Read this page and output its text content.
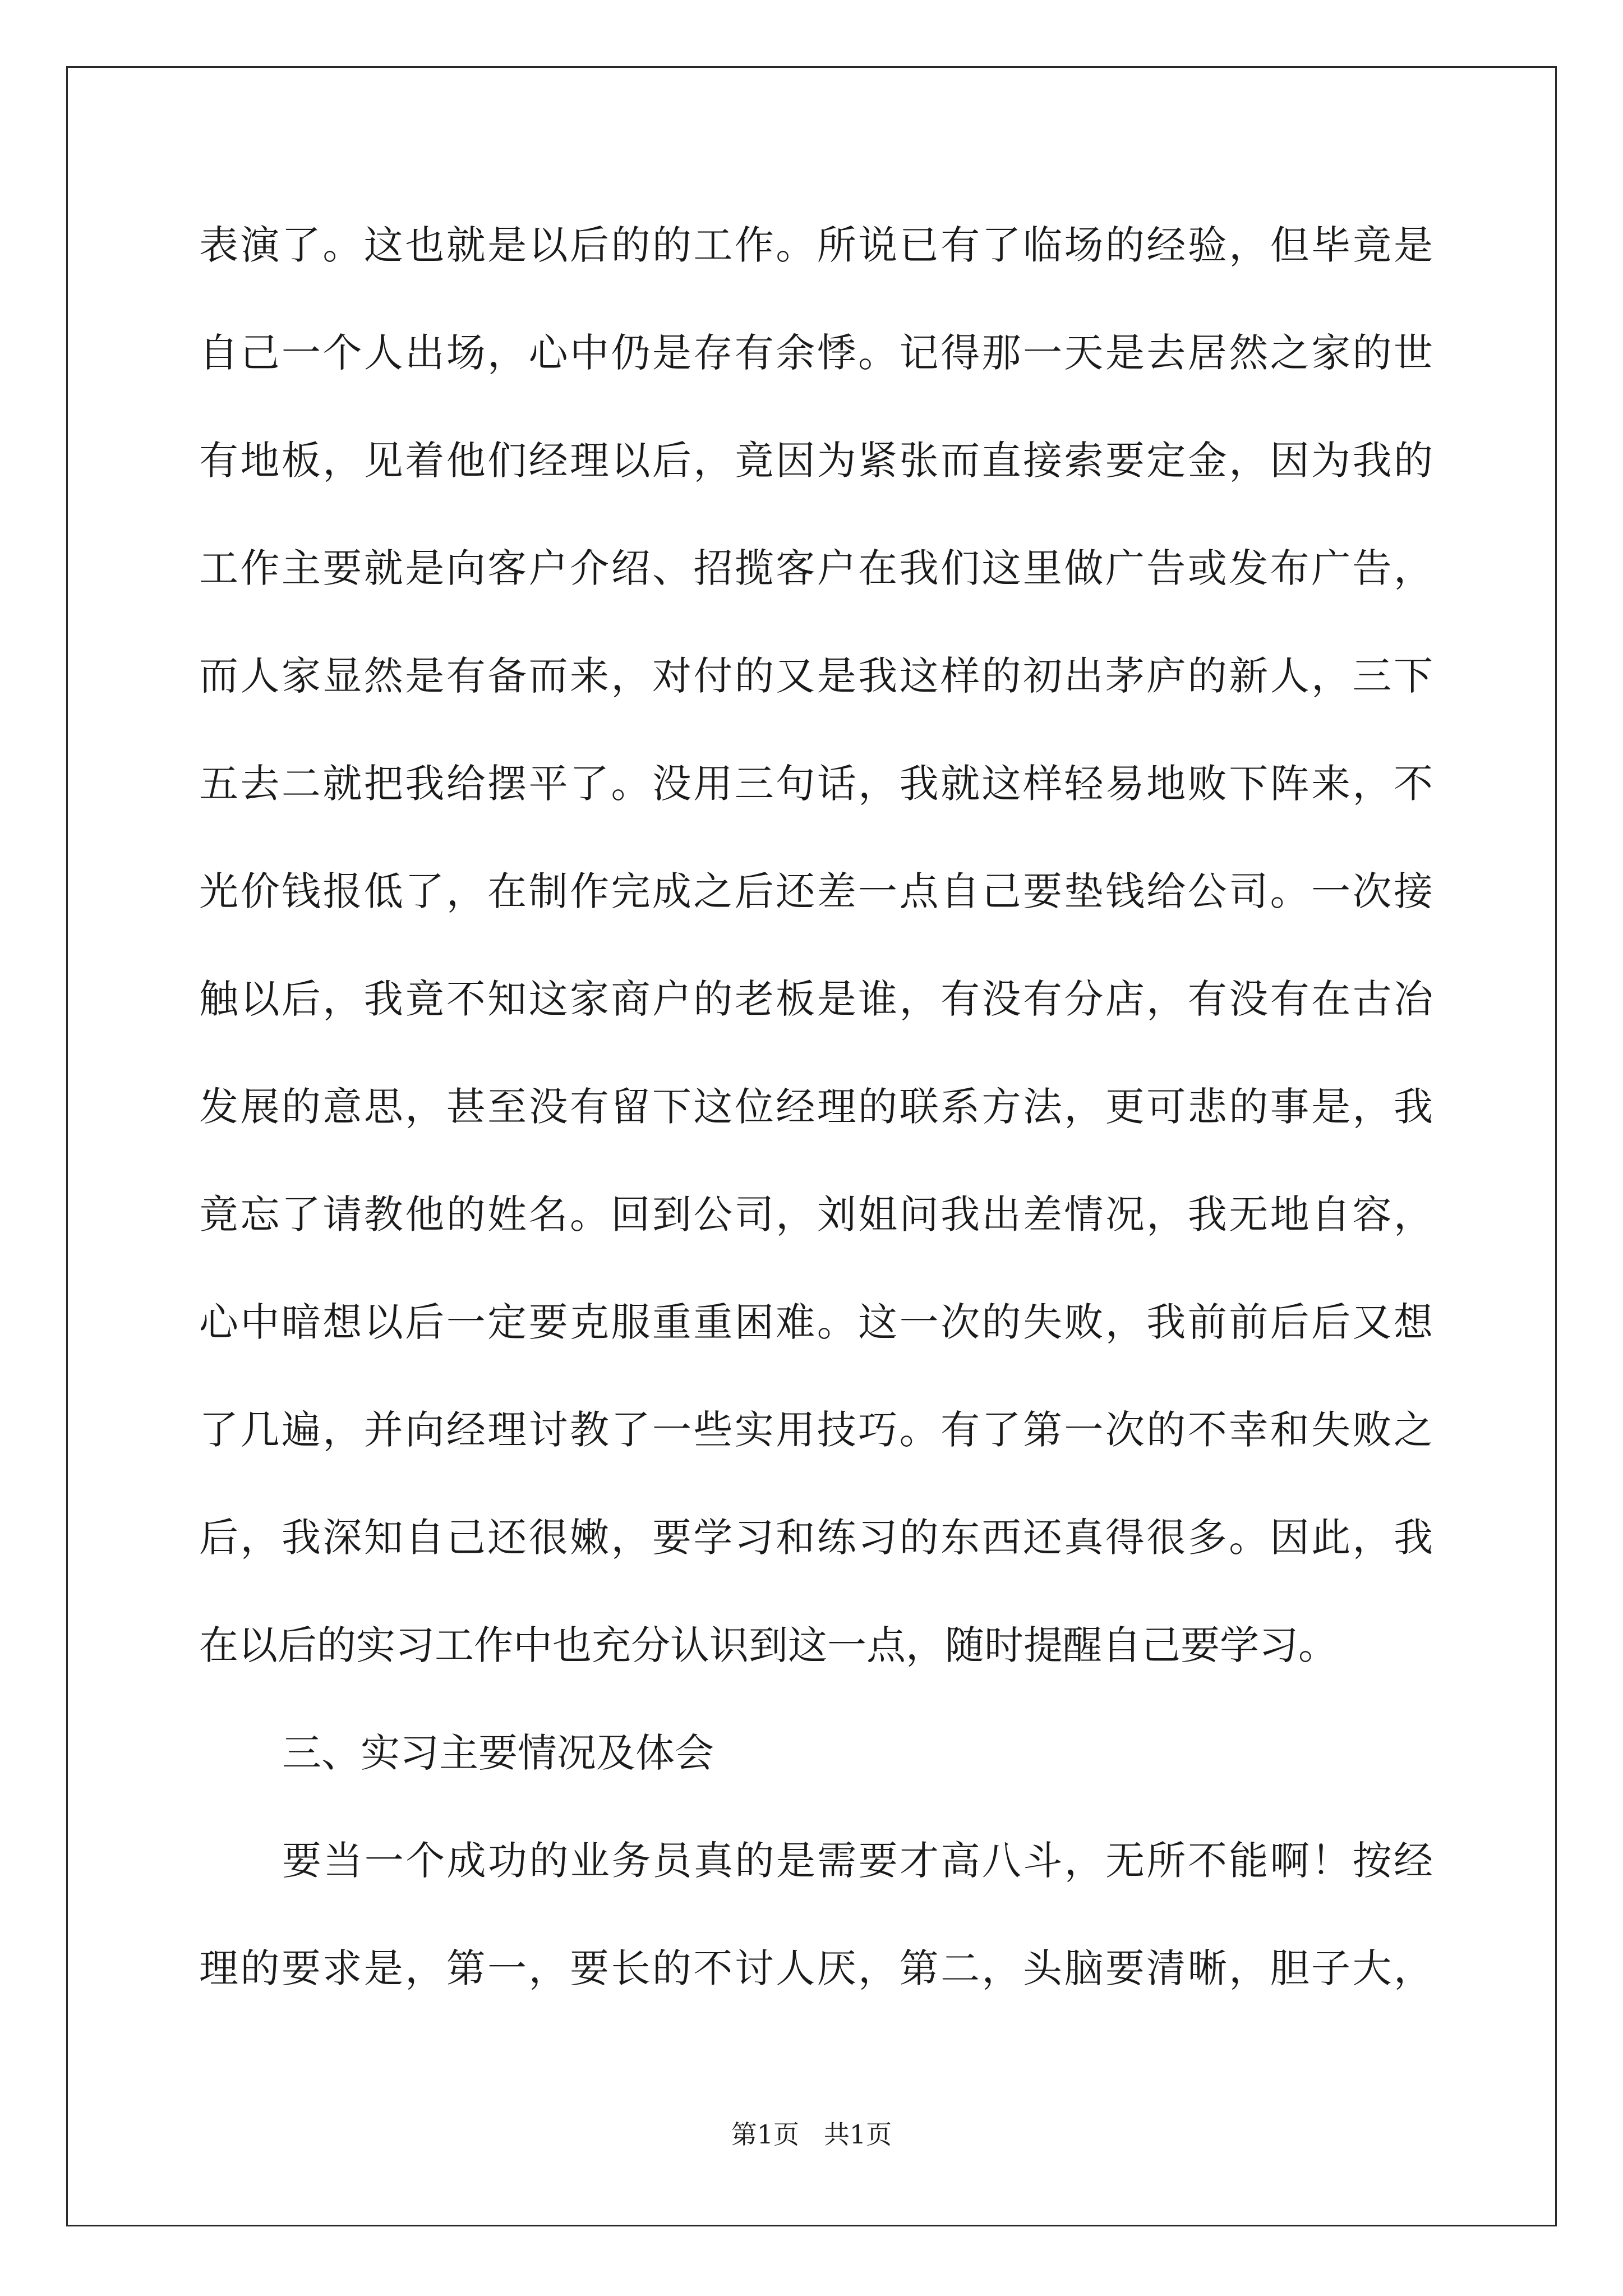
表演了。这也就是以后的的工作。所说已有了临场的经验，但毕竟是
自己一个人出场，心中仍是存有余悸。记得那一天是去居然之家的世
有地板，见着他们经理以后，竟因为紧张而直接索要定金，因为我的
工作主要就是向客户介绍、招揽客户在我们这里做广告或发布广告，
而人家显然是有备而来，对付的又是我这样的初出茅庐的新人，三下
五去二就把我给摆平了。没用三句话，我就这样轻易地败下阵来，不
光价钱报低了，在制作完成之后还差一点自己要垫钱给公司。一次接
触以后，我竟不知这家商户的老板是谁，有没有分店，有没有在古冶
发展的意思，甚至没有留下这位经理的联系方法，更可悲的事是，我
竟忘了请教他的姓名。回到公司，刘姐问我出差情况，我无地自容，
心中暗想以后一定要克服重重困难。这一次的失败，我前前后后又想
了几遍，并向经理讨教了一些实用技巧。有了第一次的不幸和失败之
后，我深知自己还很嫩，要学习和练习的东西还真得很多。因此，我
在以后的实习工作中也充分认识到这一点，随时提醒自己要学习。
三、实习主要情况及体会
要当一个成功的业务员真的是需要才高八斗，无所不能啊！按经
理的要求是，第一，要长的不讨人厌，第二，头脑要清晰，胆子大，
第1页   共1页
